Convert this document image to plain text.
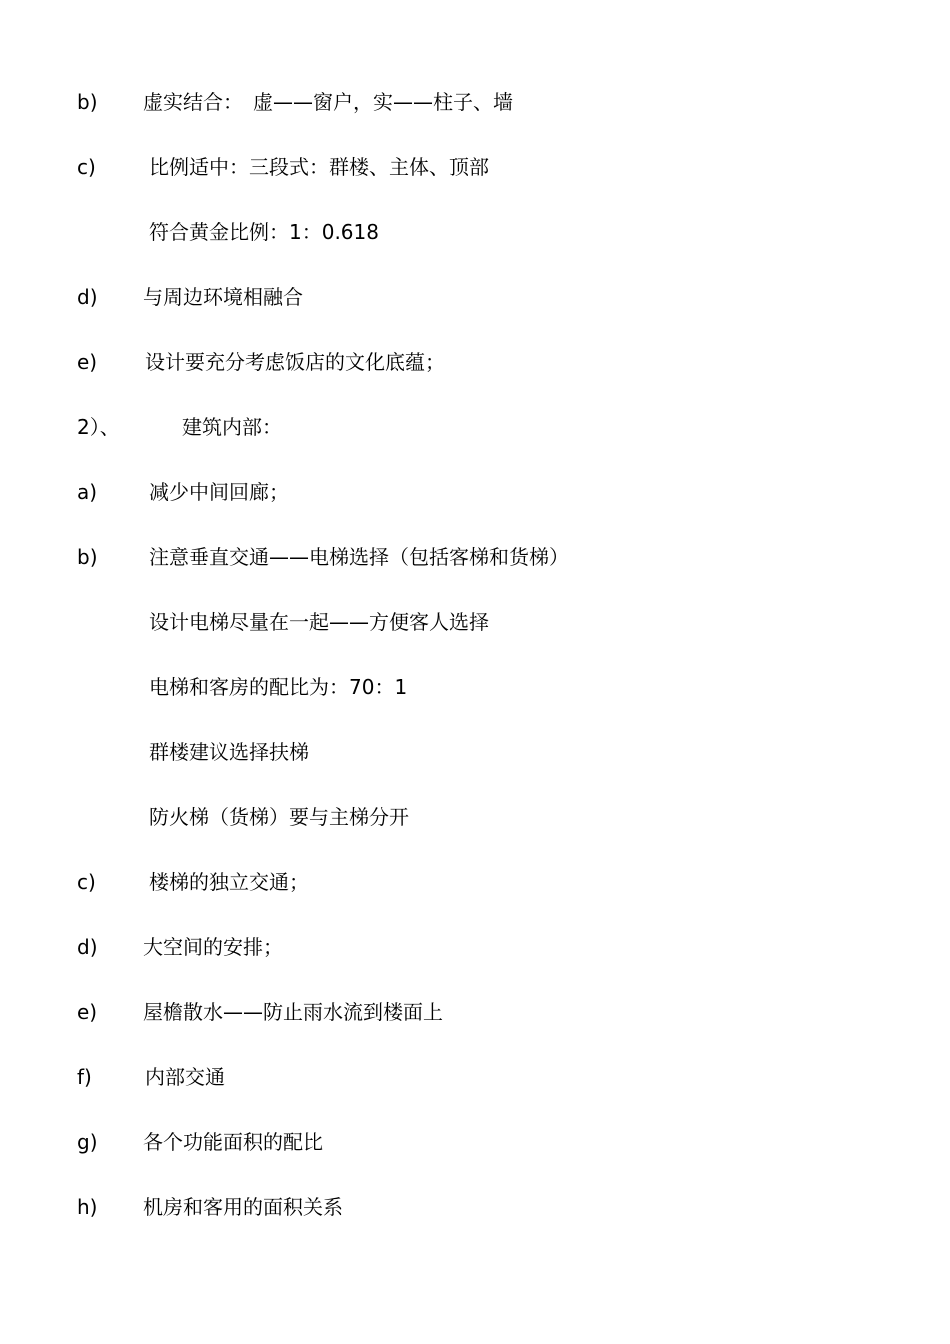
b) 虚实结合：　虚——窗户，实——柱子、墙
c)	比例适中：三段式：群楼、主体、顶部
符合黄金比例：1：0.618
d) 与周边环境相融合
e) 设计要充分考虑饭店的文化底蕴；
2）、	建筑内部：
a)	减少中间回廊；
b)	注意垂直交通——电梯选择（包括客梯和货梯）
设计电梯尽量在一起——方便客人选择
电梯和客房的配比为：70：1
群楼建议选择扶梯
防火梯（货梯）要与主梯分开
c)	楼梯的独立交通；
d) 大空间的安排；
e) 屋檐散水——防止雨水流到楼面上
f)	内部交通
g) 各个功能面积的配比
h) 机房和客用的面积关系
